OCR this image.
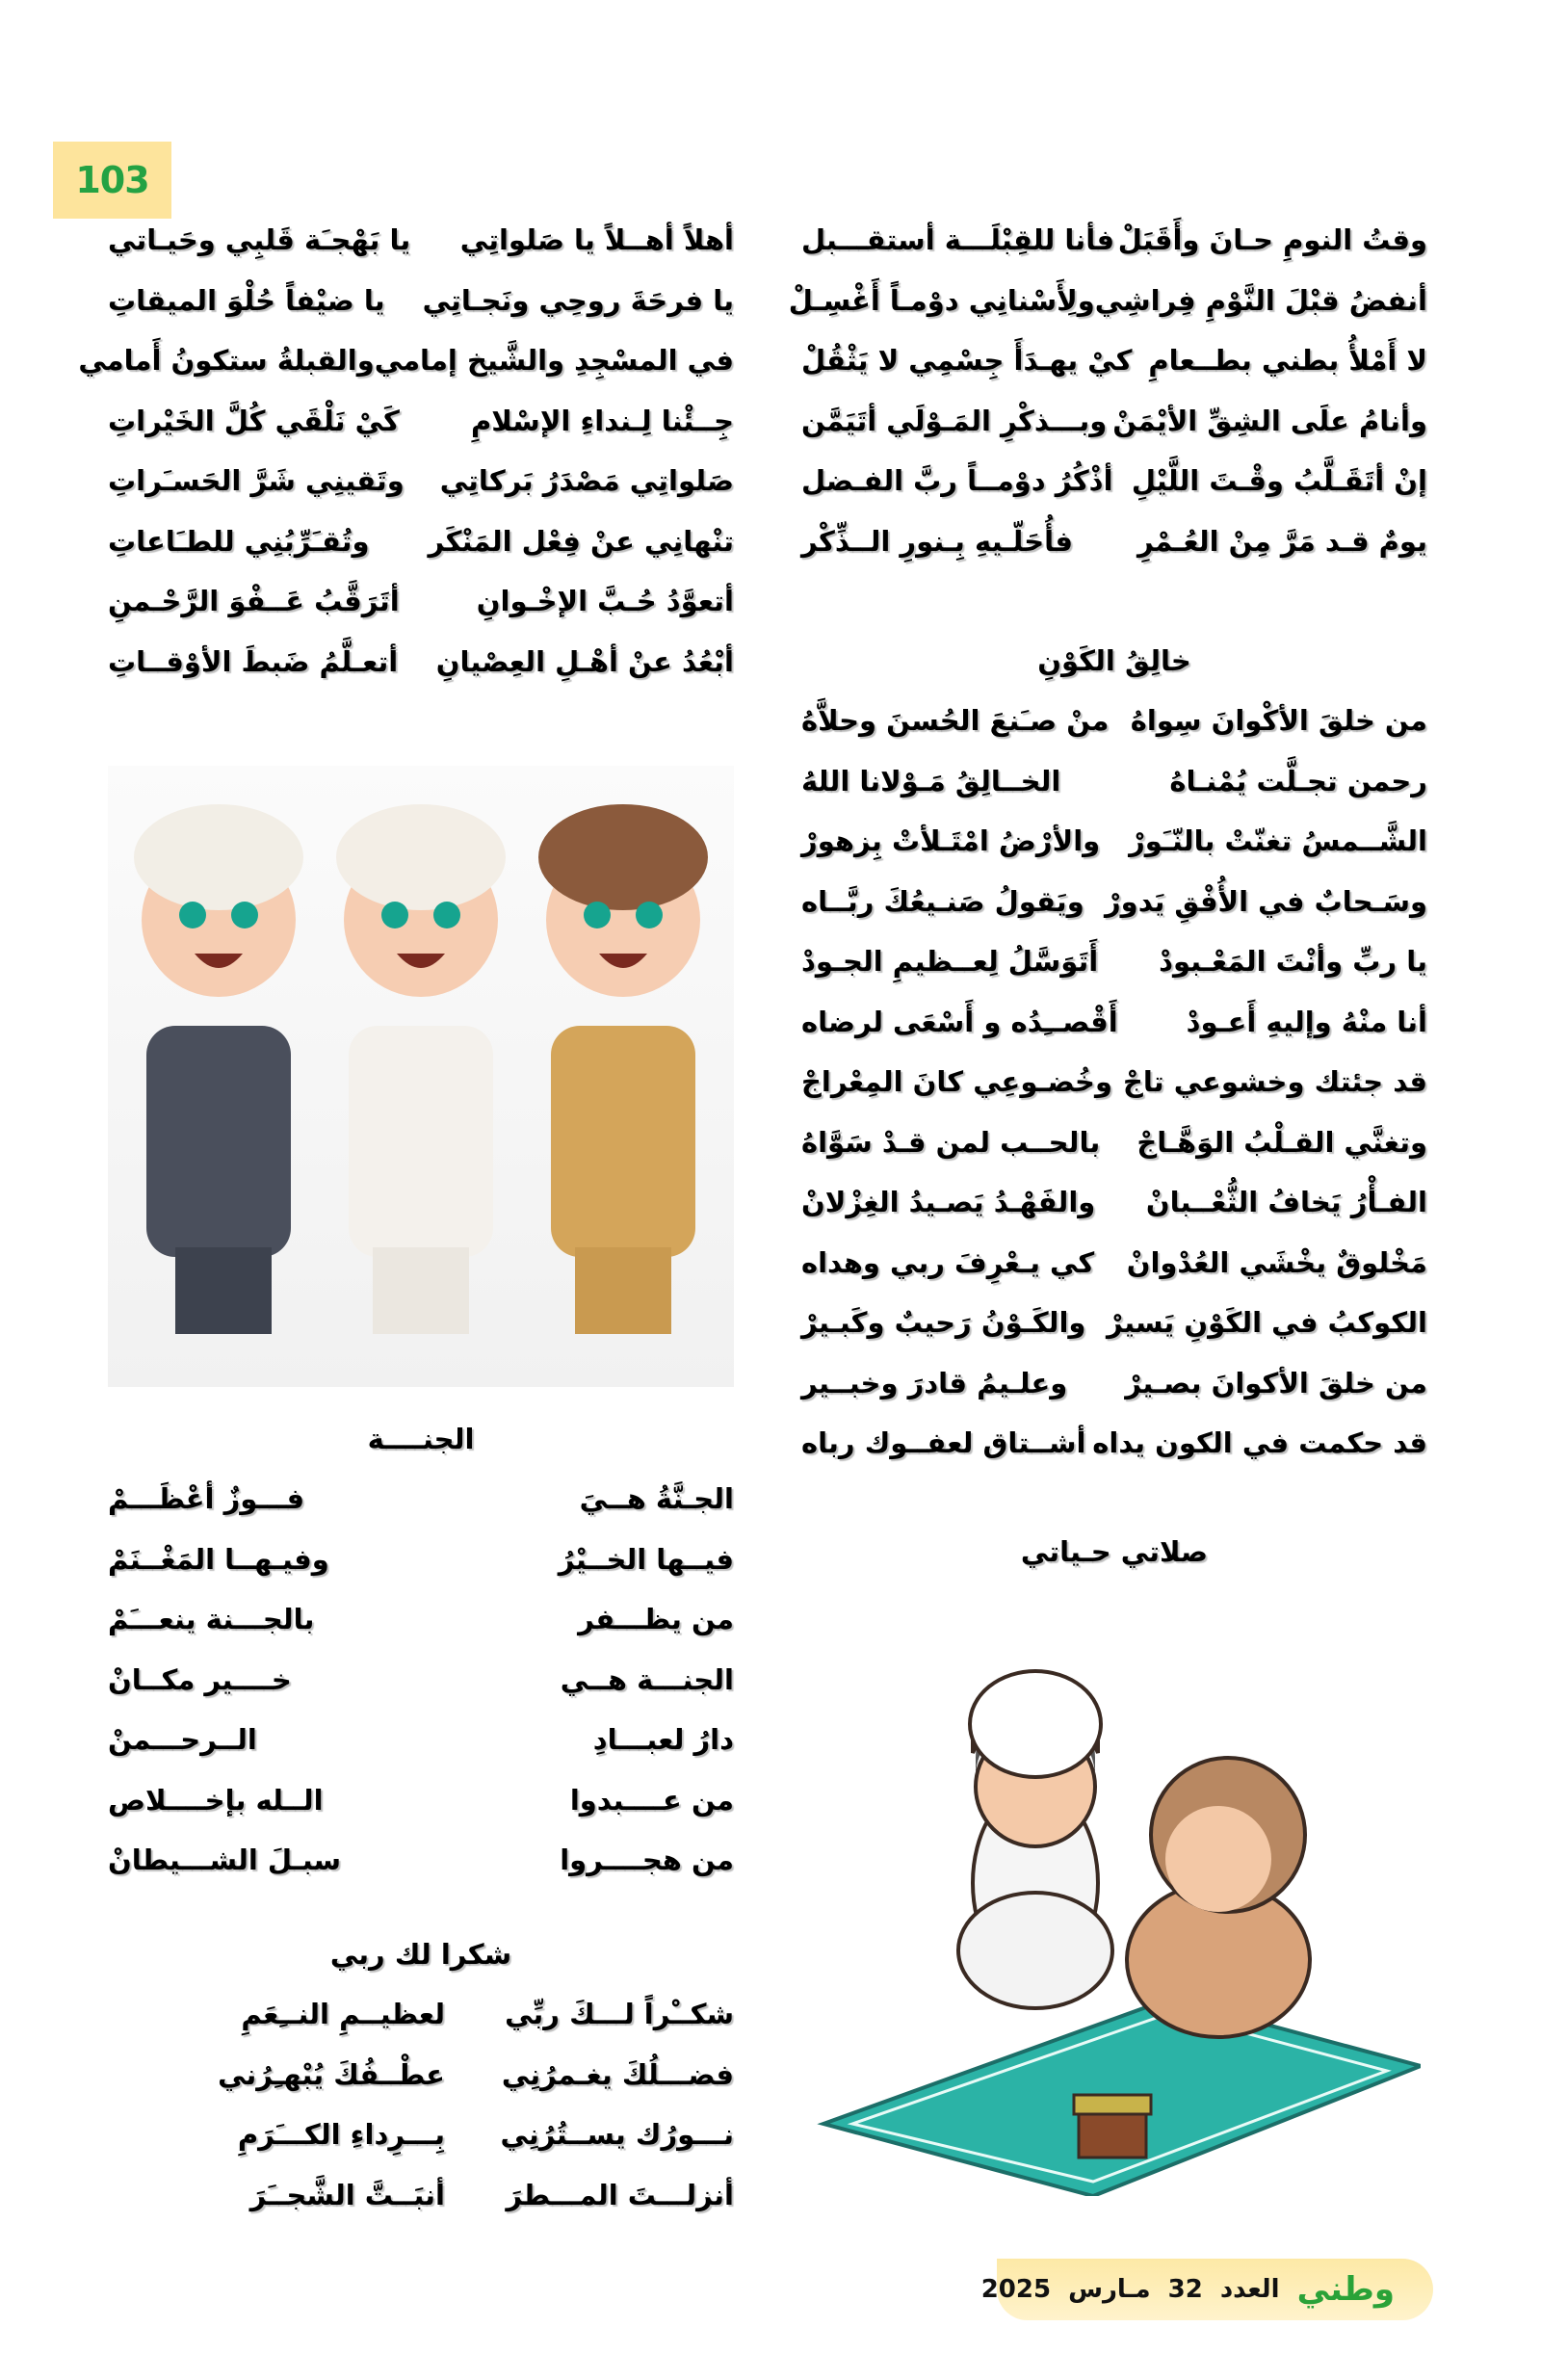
103
وقتُ النومِ حـانَ وأَقَبَلْ
فأنا للقِبْلَـــة أستقـــبل
أنفضُ قبْلَ النَّوْمِ فِراشِي
ولِأَسْنانِي دوْمـاً أَغْسِـلْ
لا أَمْلأُ بطني بطــعامِ
كيْ يهـدَأَ جِسْمِي لا يَثْقُلْ
وأنامُ علَى الشِقِّ الأيْمَنْ
وبـــذكْرِ المَـوْلَي أتَيَمَّن
إنْ أتَقَـلَّبُ وقْـتَ اللَّيْلِ
أذْكُرُ دوْمــاً ربَّ الفـضل
يومٌ قـد مَرَّ مِنْ العُـمْرِ
فأُحَلّـيهِ بِـنورِ الــذِّكْر
خالِقُ الكَوْنِ
من خلقَ الأكْوانَ سِواهُ
منْ صـَنعَ الحُسنَ وحلاَّهُ
رحمن تجـلَّت يُمْنـاهُ
الخــالِقُ مَـوْلانا اللهُ
الشَّــمسُ تغنّتْ بالنّـَورْ
والأرْضُ امْتَـلأتْ بِزهورْ
وسَـحابٌ في الأُفْقِ يَدورْ
ويَقولُ صَنـيعُكَ ربَّــاه
يا ربِّ وأنْتَ المَعْـبودْ
أَتَوَسَّلُ لِعــظيمِ الجـودْ
أنا منْهُ وإليهِ أَعـودْ
أَقْصــِدُه و أَسْعَى لرضاه
قد جئتك وخشوعي تاجْ
وخُضـوعِي كانَ المِعْراجْ
وتغنَّي القـلْبُ الوَهَّـاجْ
بالحــب لمن قـدْ سَوَّاهُ
الفـأْرُ يَخافُ الثُّعْــبانْ
والفَهْـدُ يَصـيدُ الغِزْلانْ
مَخْلوقٌ يخْشَي العُدْوانْ
كي يـعْرِفَ ربي وهداه
الكوكبُ في الكَوْنِ يَسيرْ
والكَـوْنُ رَحيبٌ وكَبـيرْ
من خلقَ الأكوانَ بصـيرْ
وعلـيمُ قادرَ وخبــير
قد حكمت في الكون يداه
أشــتاق لعفــوك رباه
صلاتي حـياتي
أهلاً أهــلاً يا صَلواتِي
يا بَهْجـَة قَلبِي وحَيـاتي
يا فرحَةَ روحِي ونَجـاتِي
يا ضيْفاً حُلْوَ الميقاتِ
في المسْجِدِ والشَّيخ إمامي
والقبلةُ ستكونُ أَمامي
جِــئْنا لِـنداءِ الإسْلامِ
كَيْ نَلْقَي كُلَّ الخَيْراتِ
صَلواتِي مَصْدَرُ بَركاتِي
وتَقينِي شَرَّ الحَسـَراتِ
تنْهانِي عنْ فِعْل المَنْكَر
وتُقـَرِّبُنِي للطـَاعاتِ
أتعوَّدُ حُـبَّ الإخْـوانِ
أتَرَقَّبُ عَــفْوَ الرَّحْـمنِ
أبْعُدُ عنْ أهْـلِ العِصْيانِ
أتعـلَّمُ ضَبطَ الأوْقــاتِ
الجنــــة
الجـنَّةُ هــيَ
فـــوزٌ أعْظَـــمْ
فيــها الخــيْرُ
وفيـهــا المَغْــنَمْ
من يظـــفر
بالجـــنة ينعـــَمْ
الجنـــة هــي
خــــير مكــانْ
دارُ لعبـــادِ
الــرحـــمنْ
من عــــبدوا
الــله بإخــــلاص
من هجــــروا
سبـلَ الشـــيطانْ
شكرا لك ربي
شكــْراً لـــكَ ربِّي
لعظيــمِ النــِعَمِ
فضـــلُكَ يغـمرُنِي
عطْــفُكَ يُبْهـِرُني
نـــورُك يســتُرُنِي
بِـــرِداءِ الكـــَرَمِ
أنزلـــتَ المـــطرَ
أنبَــتَّ الشَّجــَرَ
وطني
العدد
32
مـارس
2025
